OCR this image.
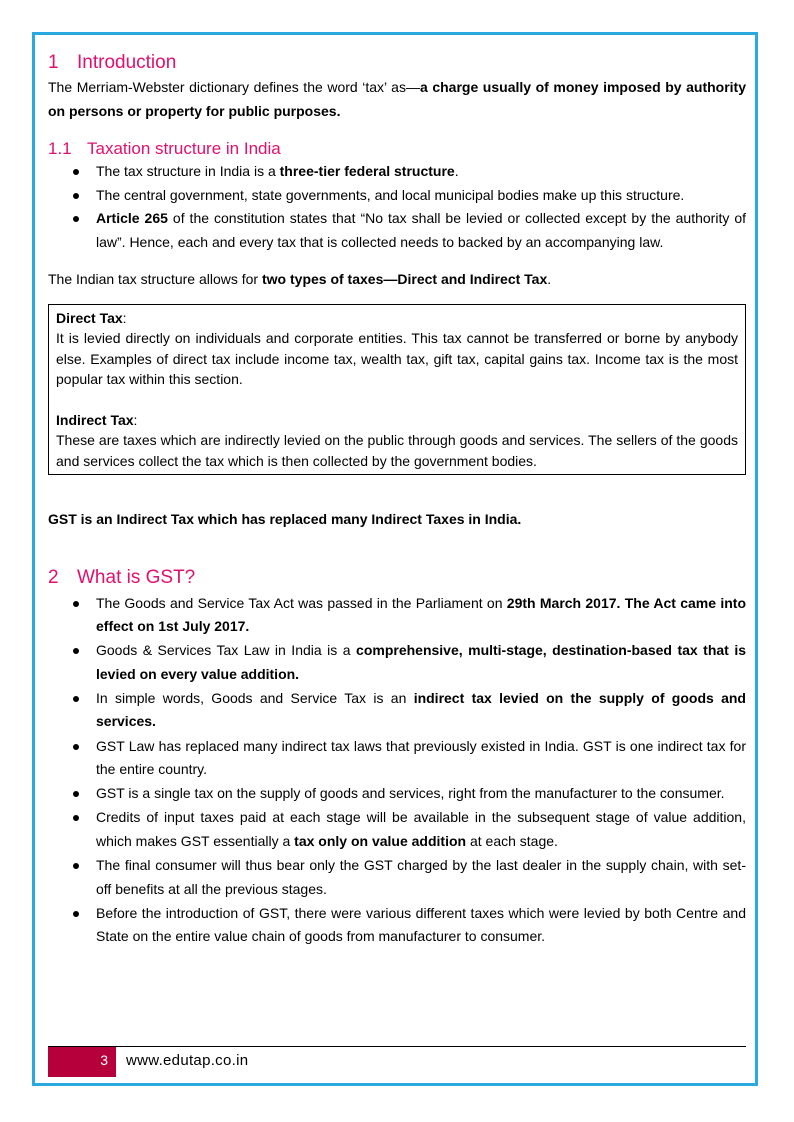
1 Introduction

The Merriam-Webster dictionary defines the word ‘tax’ as—a charge usually of money imposed by authority on persons or property for public purposes.

1.1 Taxation structure in India
The tax structure in India is a three-tier federal structure.
The central government, state governments, and local municipal bodies make up this structure.
Article 265 of the constitution states that “No tax shall be levied or collected except by the authority of law”. Hence, each and every tax that is collected needs to backed by an accompanying law.

The Indian tax structure allows for two types of taxes—Direct and Indirect Tax.

Direct Tax:

It is levied directly on individuals and corporate entities. This tax cannot be transferred or borne by anybody else. Examples of direct tax include income tax, wealth tax, gift tax, capital gains tax. Income tax is the most popular tax within this section.

Indirect Tax:

These are taxes which are indirectly levied on the public through goods and services. The sellers of the goods and services collect the tax which is then collected by the government bodies.

GST is an Indirect Tax which has replaced many Indirect Taxes in India.

2 What is GST?
The Goods and Service Tax Act was passed in the Parliament on 29th March 2017. The Act came into effect on 1st July 2017.
Goods & Services Tax Law in India is a comprehensive, multi-stage, destination-based tax that is levied on every value addition.
In simple words, Goods and Service Tax is an indirect tax levied on the supply of goods and services.
GST Law has replaced many indirect tax laws that previously existed in India. GST is one indirect tax for the entire country.
GST is a single tax on the supply of goods and services, right from the manufacturer to the consumer.
Credits of input taxes paid at each stage will be available in the subsequent stage of value addition, which makes GST essentially a tax only on value addition at each stage.
The final consumer will thus bear only the GST charged by the last dealer in the supply chain, with set-off benefits at all the previous stages.
Before the introduction of GST, there were various different taxes which were levied by both Centre and State on the entire value chain of goods from manufacturer to consumer.
3 www.edutap.co.in
